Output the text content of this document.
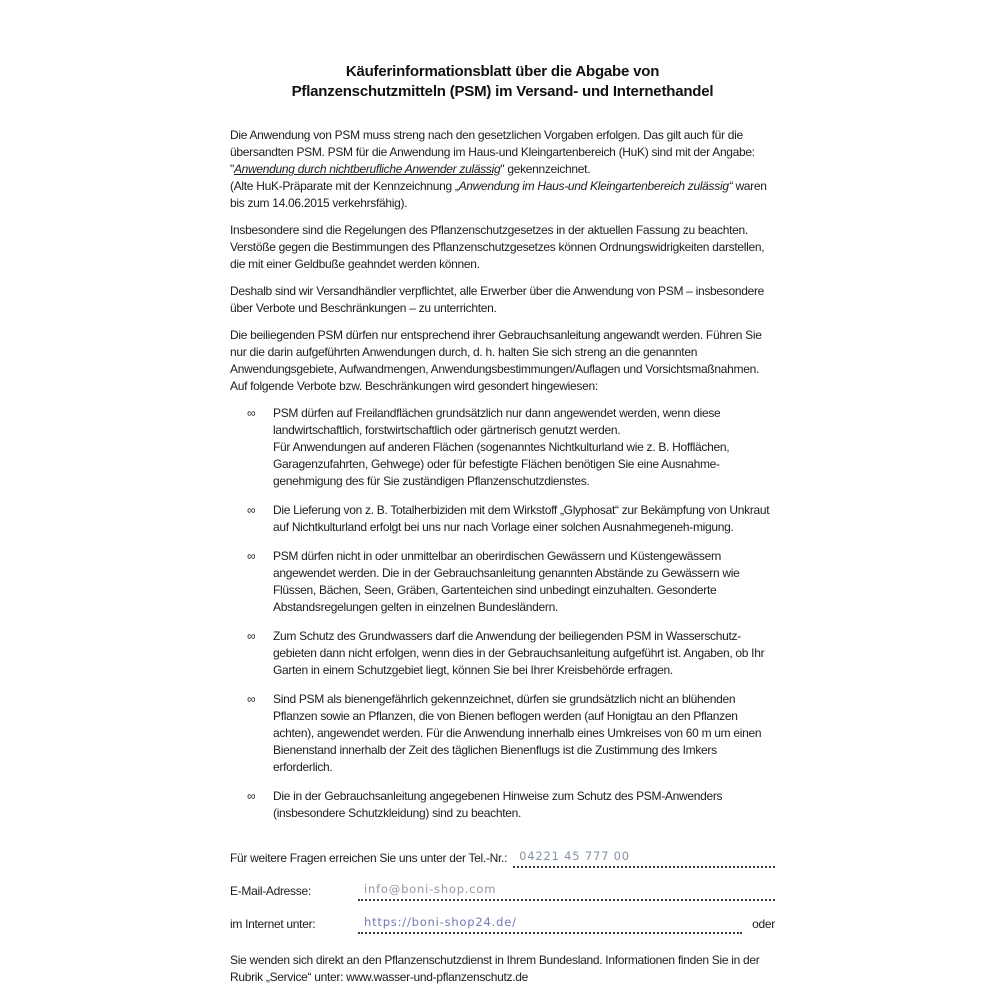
Käuferinformationsblatt über die Abgabe von
Pflanzenschutzmitteln (PSM) im Versand- und Internethandel

Die Anwendung von PSM muss streng nach den gesetzlichen Vorgaben erfolgen. Das gilt auch für die übersandten PSM. PSM für die Anwendung im Haus-und Kleingartenbereich (HuK) sind mit der Angabe: "Anwendung durch nichtberufliche Anwender zulässig" gekennzeichnet.
(Alte HuK-Präparate mit der Kennzeichnung „Anwendung im Haus-und Kleingartenbereich zulässig“ waren bis zum 14.06.2015 verkehrsfähig).

Insbesondere sind die Regelungen des Pflanzenschutzgesetzes in der aktuellen Fassung zu beachten. Verstöße gegen die Bestimmungen des Pflanzenschutzgesetzes können Ordnungswidrigkeiten darstellen, die mit einer Geldbuße geahndet werden können.

Deshalb sind wir Versandhändler verpflichtet, alle Erwerber über die Anwendung von PSM – insbesondere über Verbote und Beschränkungen – zu unterrichten.

Die beiliegenden PSM dürfen nur entsprechend ihrer Gebrauchsanleitung angewandt werden. Führen Sie nur die darin aufgeführten Anwendungen durch, d. h. halten Sie sich streng an die genannten Anwendungsgebiete, Aufwandmengen, Anwendungsbestimmungen/Auflagen und Vorsichtsmaßnahmen. Auf folgende Verbote bzw. Beschränkungen wird gesondert hingewiesen:

∞ PSM dürfen auf Freilandflächen grundsätzlich nur dann angewendet werden, wenn diese landwirtschaftlich, forstwirtschaftlich oder gärtnerisch genutzt werden.
Für Anwendungen auf anderen Flächen (sogenanntes Nichtkulturland wie z. B. Hofflächen, Garagenzufahrten, Gehwege) oder für befestigte Flächen benötigen Sie eine Ausnahme-genehmigung des für Sie zuständigen Pflanzenschutzdienstes.
∞ Die Lieferung von z. B. Totalherbiziden mit dem Wirkstoff „Glyphosat“ zur Bekämpfung von Unkraut auf Nichtkulturland erfolgt bei uns nur nach Vorlage einer solchen Ausnahmegeneh-migung.
∞ PSM dürfen nicht in oder unmittelbar an oberirdischen Gewässern und Küstengewässern angewendet werden. Die in der Gebrauchsanleitung genannten Abstände zu Gewässern wie Flüssen, Bächen, Seen, Gräben, Gartenteichen sind unbedingt einzuhalten. Gesonderte Abstandsregelungen gelten in einzelnen Bundesländern.
∞ Zum Schutz des Grundwassers darf die Anwendung der beiliegenden PSM in Wasserschutz-gebieten dann nicht erfolgen, wenn dies in der Gebrauchsanleitung aufgeführt ist. Angaben, ob Ihr Garten in einem Schutzgebiet liegt, können Sie bei Ihrer Kreisbehörde erfragen.
∞ Sind PSM als bienengefährlich gekennzeichnet, dürfen sie grundsätzlich nicht an blühenden Pflanzen sowie an Pflanzen, die von Bienen beflogen werden (auf Honigtau an den Pflanzen achten), angewendet werden. Für die Anwendung innerhalb eines Umkreises von 60 m um einen Bienenstand innerhalb der Zeit des täglichen Bienenflugs ist die Zustimmung des Imkers erforderlich.
∞ Die in der Gebrauchsanleitung angegebenen Hinweise zum Schutz des PSM-Anwenders (insbesondere Schutzkleidung) sind zu beachten.
Für weitere Fragen erreichen Sie uns unter der Tel.-Nr.:	04221 45 777 00
E-Mail-Adresse:	info@boni-shop.com
im Internet unter:	https://boni-shop24.de/	oder

Sie wenden sich direkt an den Pflanzenschutzdienst in Ihrem Bundesland. Informationen finden Sie in der Rubrik „Service“ unter: www.wasser-und-pflanzenschutz.de
